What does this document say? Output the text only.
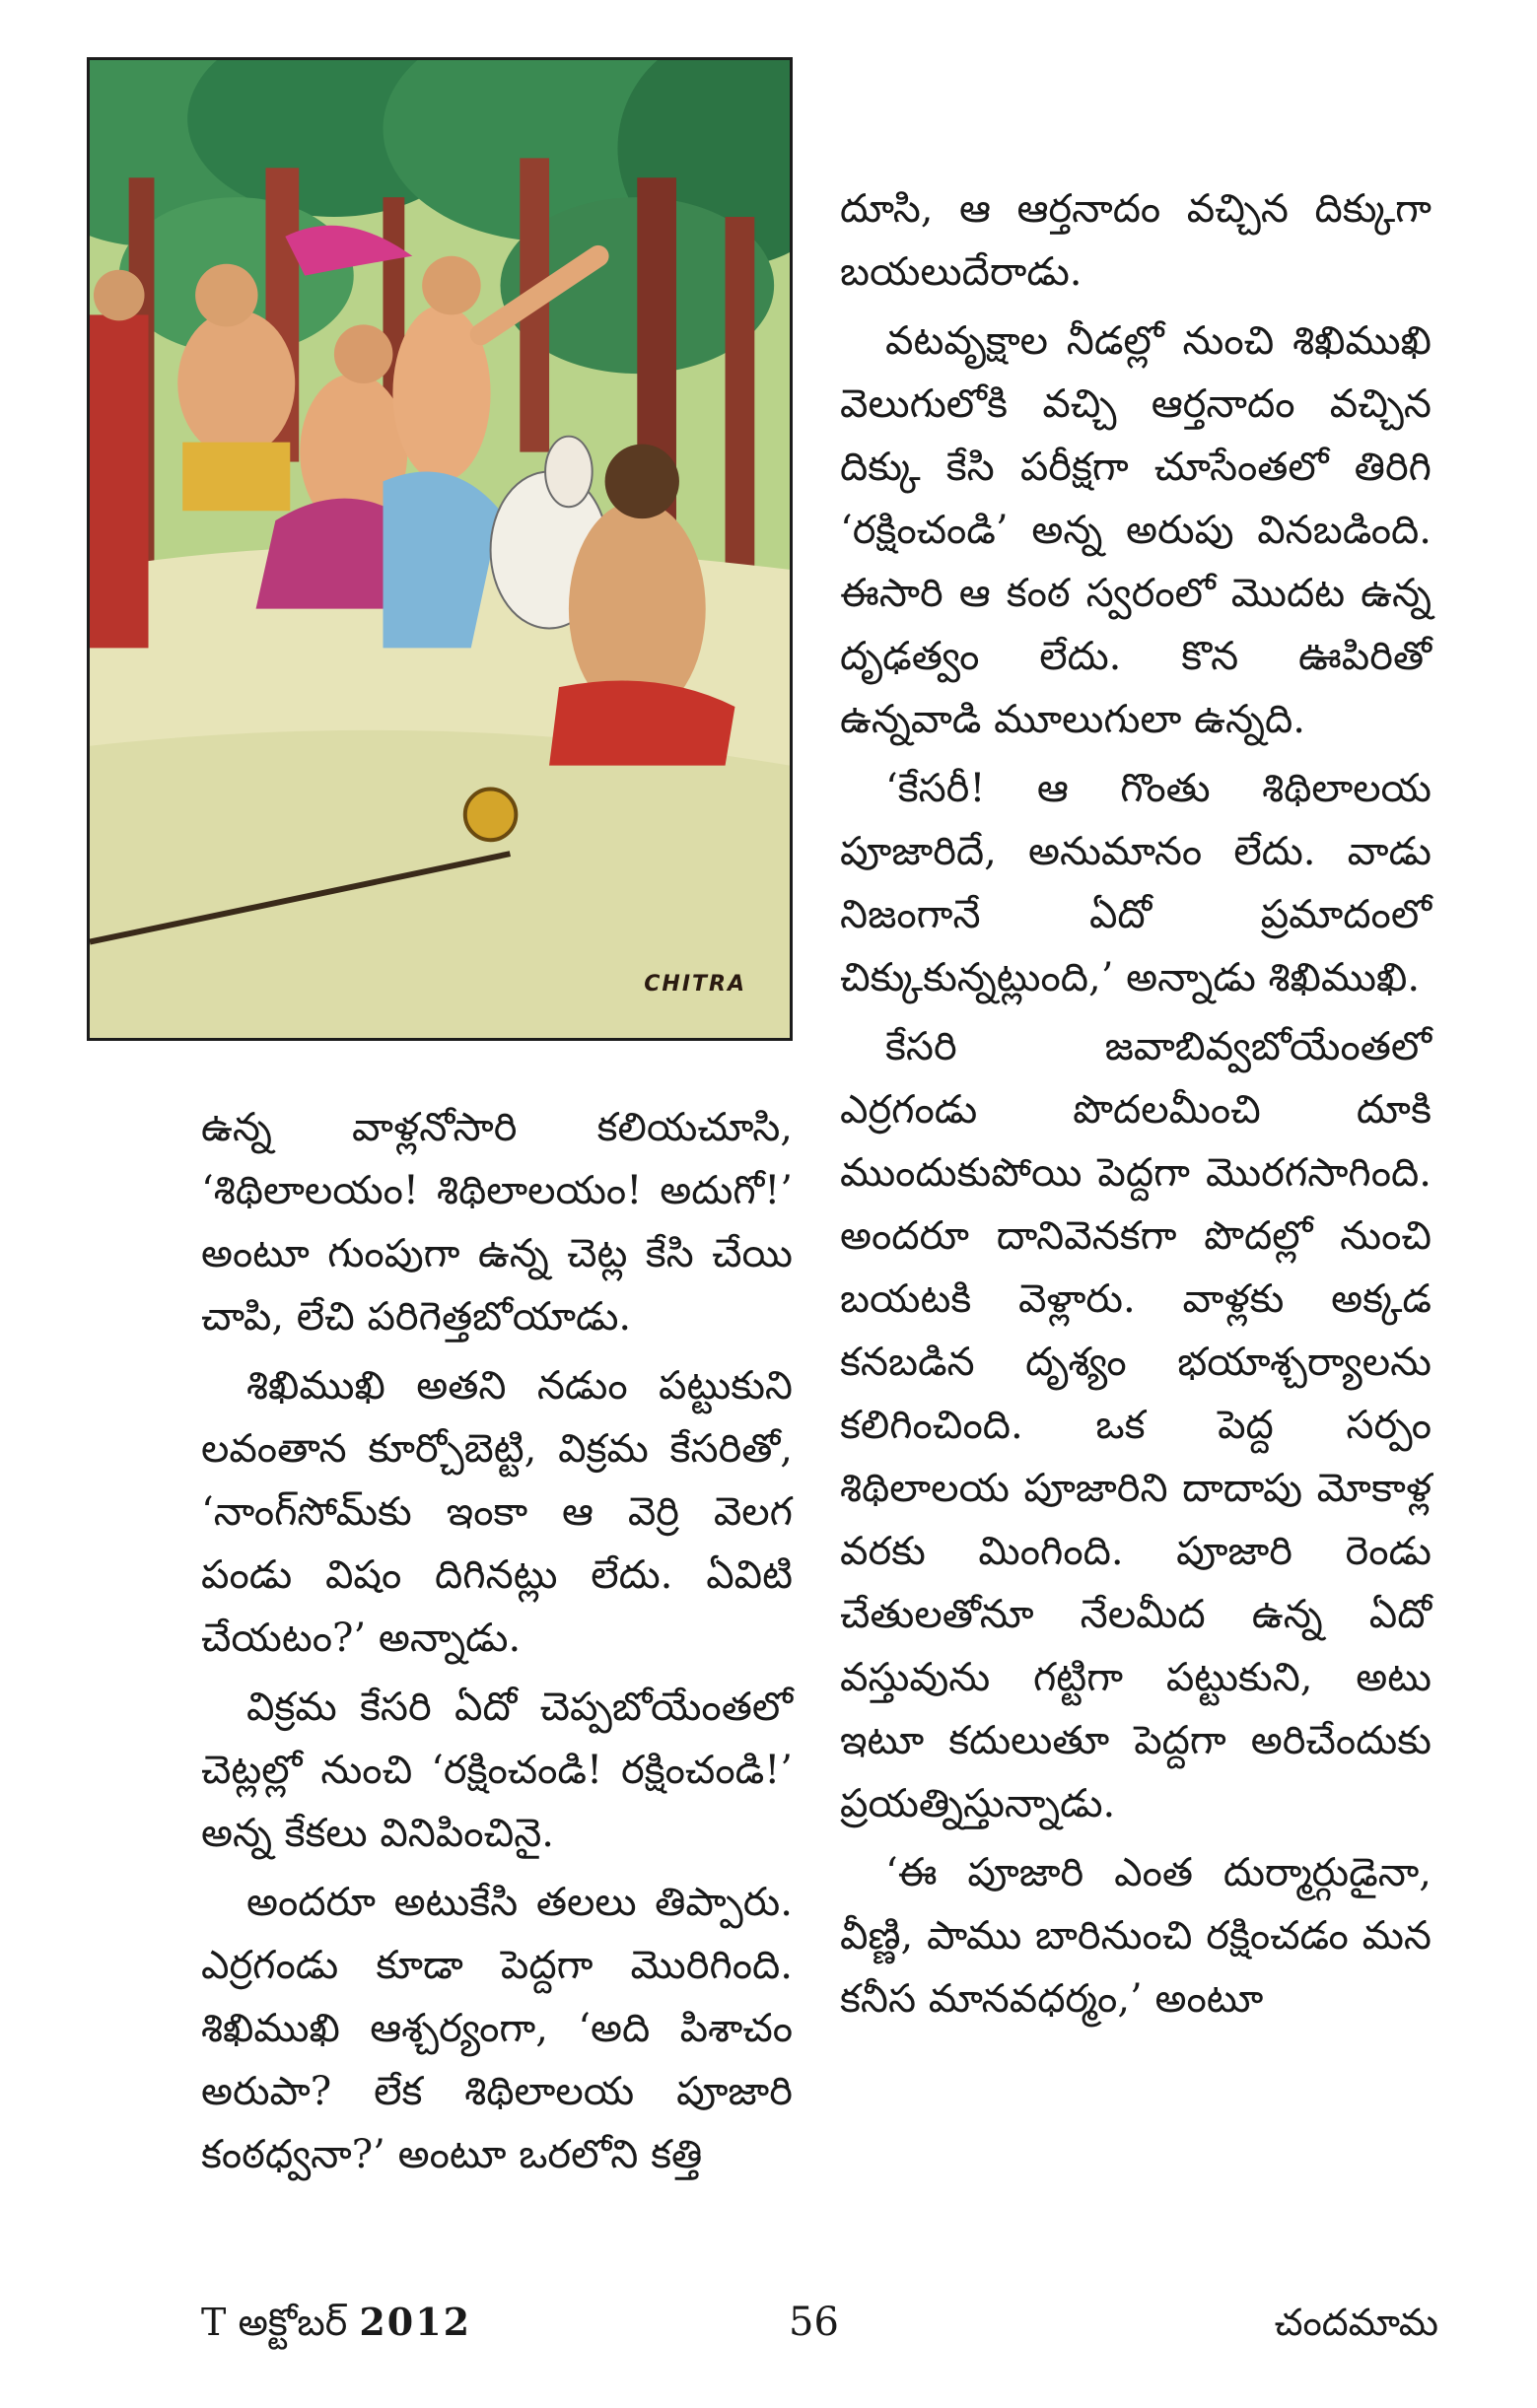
CHITRA

దూసి, ఆ ఆర్తనాదం వచ్చిన దిక్కుగా బయలుదేరాడు.

వటవృక్షాల నీడల్లో నుంచి శిఖిముఖి వెలుగులోకి వచ్చి ఆర్తనాదం వచ్చిన దిక్కు కేసి పరీక్షగా చూసేంతలో తిరిగి ‘రక్షించండి’ అన్న అరుపు వినబడింది. ఈసారి ఆ కంఠ స్వరంలో మొదట ఉన్న దృఢత్వం లేదు. కొన ఊపిరితో ఉన్నవాడి మూలుగులా ఉన్నది.

‘కేసరీ! ఆ గొంతు శిథిలాలయ పూజారిదే, అనుమానం లేదు. వాడు నిజంగానే ఏదో ప్రమాదంలో చిక్కుకున్నట్లుంది,’ అన్నాడు శిఖిముఖి.

కేసరి జవాబివ్వబోయేంతలో ఎర్రగండు పొదలమీంచి దూకి ముందుకుపోయి పెద్దగా మొరగసాగింది. అందరూ దానివెనకగా పొదల్లో నుంచి బయటకి వెళ్లారు. వాళ్లకు అక్కడ కనబడిన దృశ్యం భయాశ్చర్యాలను కలిగించింది. ఒక పెద్ద సర్పం శిథిలాలయ పూజారిని దాదాపు మోకాళ్ల వరకు మింగింది. పూజారి రెండు చేతులతోనూ నేలమీద ఉన్న ఏదో వస్తువును గట్టిగా పట్టుకుని, అటు ఇటూ కదులుతూ పెద్దగా అరిచేందుకు ప్రయత్నిస్తున్నాడు.

‘ఈ పూజారి ఎంత దుర్మార్గుడైనా, వీణ్ణి, పాము బారినుంచి రక్షించడం మన కనీస మానవధర్మం,’ అంటూ

ఉన్న వాళ్లనోసారి కలియచూసి, ‘శిథిలాలయం! శిథిలాలయం! అదుగో!’ అంటూ గుంపుగా ఉన్న చెట్ల కేసి చేయి చాపి, లేచి పరిగెత్తబోయాడు.

శిఖిముఖి అతని నడుం పట్టుకుని లవంతాన కూర్చోబెట్టి, విక్రమ కేసరితో, ‘నాంగ్‌సోమ్‌కు ఇంకా ఆ వెర్రి వెలగ పండు విషం దిగినట్లు లేదు. ఏవిటి చేయటం?’ అన్నాడు.

విక్రమ కేసరి ఏదో చెప్పబోయేంతలో చెట్లల్లో నుంచి ‘రక్షించండి! రక్షించండి!’ అన్న కేకలు వినిపించినై.

అందరూ అటుకేసి తలలు తిప్పారు. ఎర్రగండు కూడా పెద్దగా మొరిగింది. శిఖిముఖి ఆశ్చర్యంగా, ‘అది పిశాచం అరుపా? లేక శిథిలాలయ పూజారి కంఠధ్వనా?’ అంటూ ఒరలోని కత్తి

T అక్టోబర్ 2012	56	చందమామ
